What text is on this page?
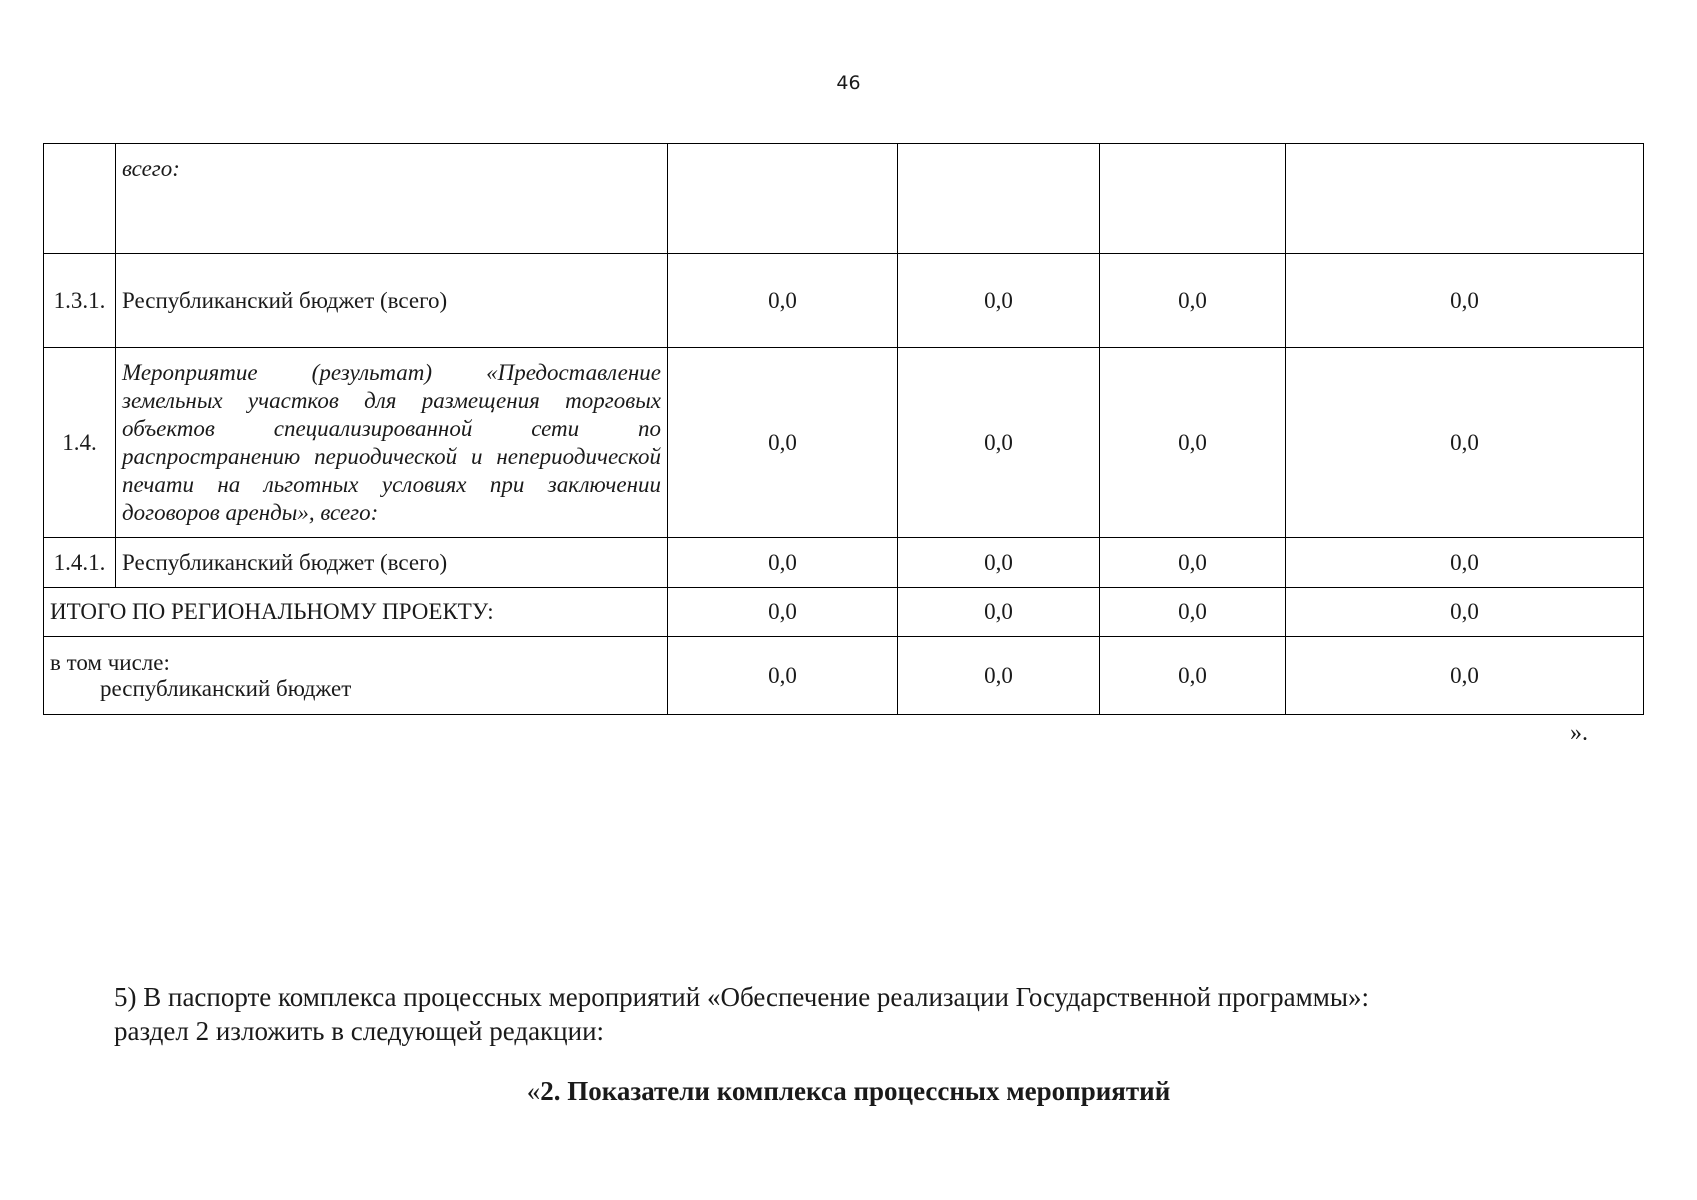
46
	всего:				
1.3.1.	Республиканский бюджет (всего)	0,0	0,0	0,0	0,0
1.4.	Мероприятие (результат) «Предоставление земельных участков для размещения торговых объектов специализированной сети по распространению периодической и непериодической печати на льготных условиях при заключении договоров аренды», всего:	0,0	0,0	0,0	0,0
1.4.1.	Республиканский бюджет (всего)	0,0	0,0	0,0	0,0
ИТОГО ПО РЕГИОНАЛЬНОМУ ПРОЕКТУ:		0,0	0,0	0,0	0,0

в том числе:
республиканский бюджет		0,0	0,0	0,0	0,0
».
5) В паспорте комплекса процессных мероприятий «Обеспечение реализации Государственной программы»:
раздел 2 изложить в следующей редакции:
«2. Показатели комплекса процессных мероприятий
